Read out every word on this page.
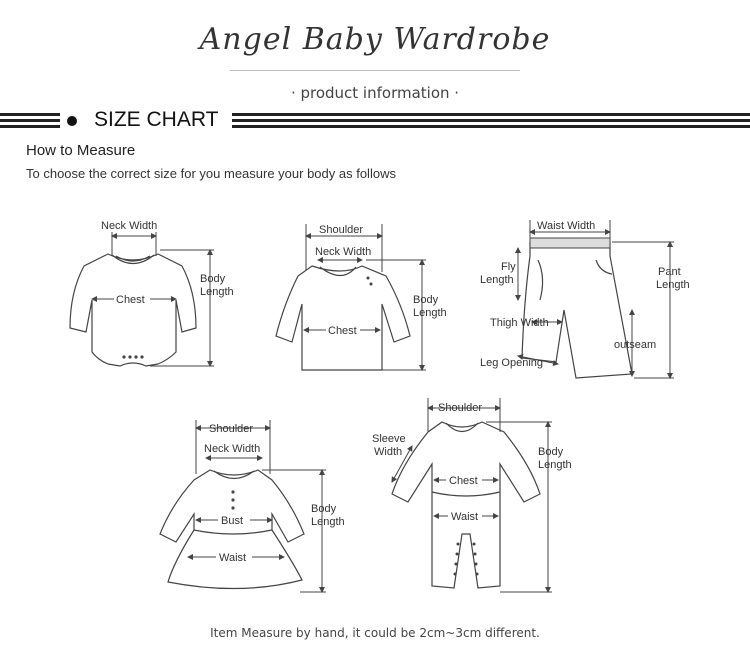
Angel Baby Wardrobe
· product information ·
SIZE CHART
How to Measure
To choose the correct size for you measure your body as follows
Neck Width
Chest
Body
Length
Shoulder
Neck Width
Chest
Body
Length
Waist Width
Fly
Length
Thigh Width
outseam
Leg Opening
Pant
Length
Shoulder
Neck Width
Bust
Waist
Body
Length
Shoulder
Sleeve
Width
Chest
Waist
Body
Length
Item Measure by hand, it could be 2cm~3cm different.
